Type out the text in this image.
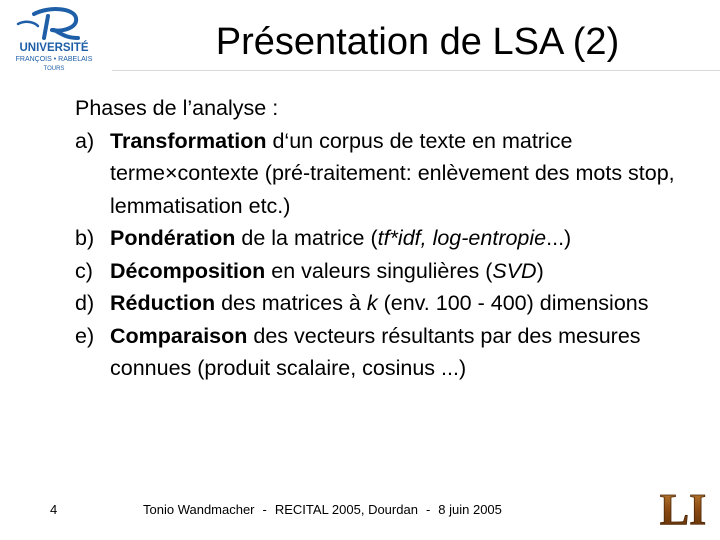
UNIVERSITÉ
FRANÇOIS • RABELAIS
TOURS
Présentation de LSA (2)

Phases de l’analyse :

a) Transformation d‘un corpus de texte en matrice terme×contexte (pré-traitement: enlèvement des mots stop, lemmatisation etc.)
b) Pondération de la matrice (tf*idf, log-entropie...)
c) Décomposition en valeurs singulières (SVD)
d) Réduction des matrices à k (env. 100 - 400) dimensions
e) Comparaison des vecteurs résultants par des mesures connues (produit scalaire, cosinus ...)
4	Tonio Wandmacher - RECITAL 2005, Dourdan - 8 juin 2005	LI
